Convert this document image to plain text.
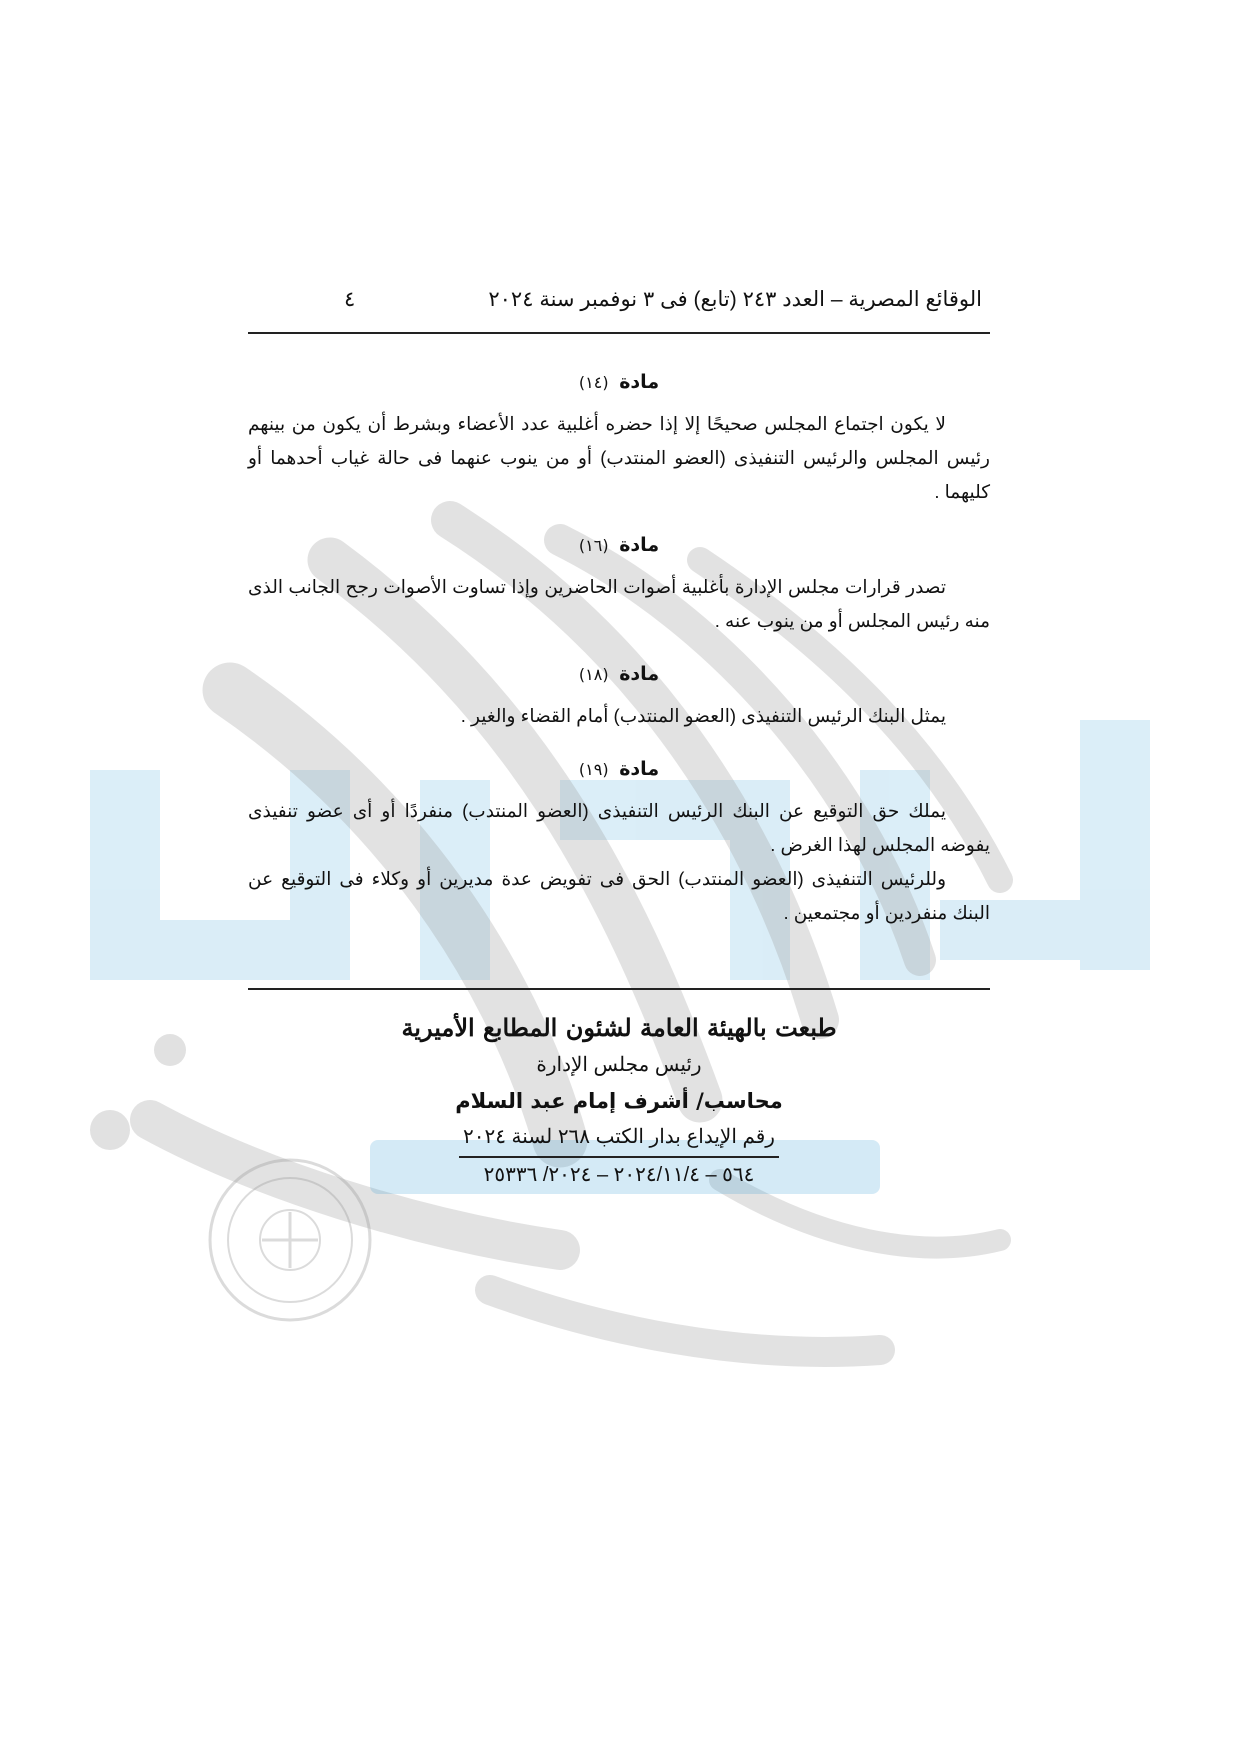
الوقائع المصرية – العدد ٢٤٣ (تابع) فى ٣ نوفمبر سنة ٢٠٢٤
٤
مادة (١٤)

لا يكون اجتماع المجلس صحيحًا إلا إذا حضره أغلبية عدد الأعضاء وبشرط أن يكون من بينهم رئيس المجلس والرئيس التنفيذى (العضو المنتدب) أو من ينوب عنهما فى حالة غياب أحدهما أو كليهما .

مادة (١٦)

تصدر قرارات مجلس الإدارة بأغلبية أصوات الحاضرين وإذا تساوت الأصوات رجح الجانب الذى منه رئيس المجلس أو من ينوب عنه .

مادة (١٨)

يمثل البنك الرئيس التنفيذى (العضو المنتدب) أمام القضاء والغير .

مادة (١٩)

يملك حق التوقيع عن البنك الرئيس التنفيذى (العضو المنتدب) منفردًا أو أى عضو تنفيذى يفوضه المجلس لهذا الغرض .

وللرئيس التنفيذى (العضو المنتدب) الحق فى تفويض عدة مديرين أو وكلاء فى التوقيع عن البنك منفردين أو مجتمعين .

طبعت بالهيئة العامة لشئون المطابع الأميرية
رئيس مجلس الإدارة
محاسب/ أشرف إمام عبد السلام
رقم الإيداع بدار الكتب ٢٦٨ لسنة ٢٠٢٤
٢٥٣٣٦ /٢٠٢٤ – ٢٠٢٤/١١/٤ – ٥٦٤
